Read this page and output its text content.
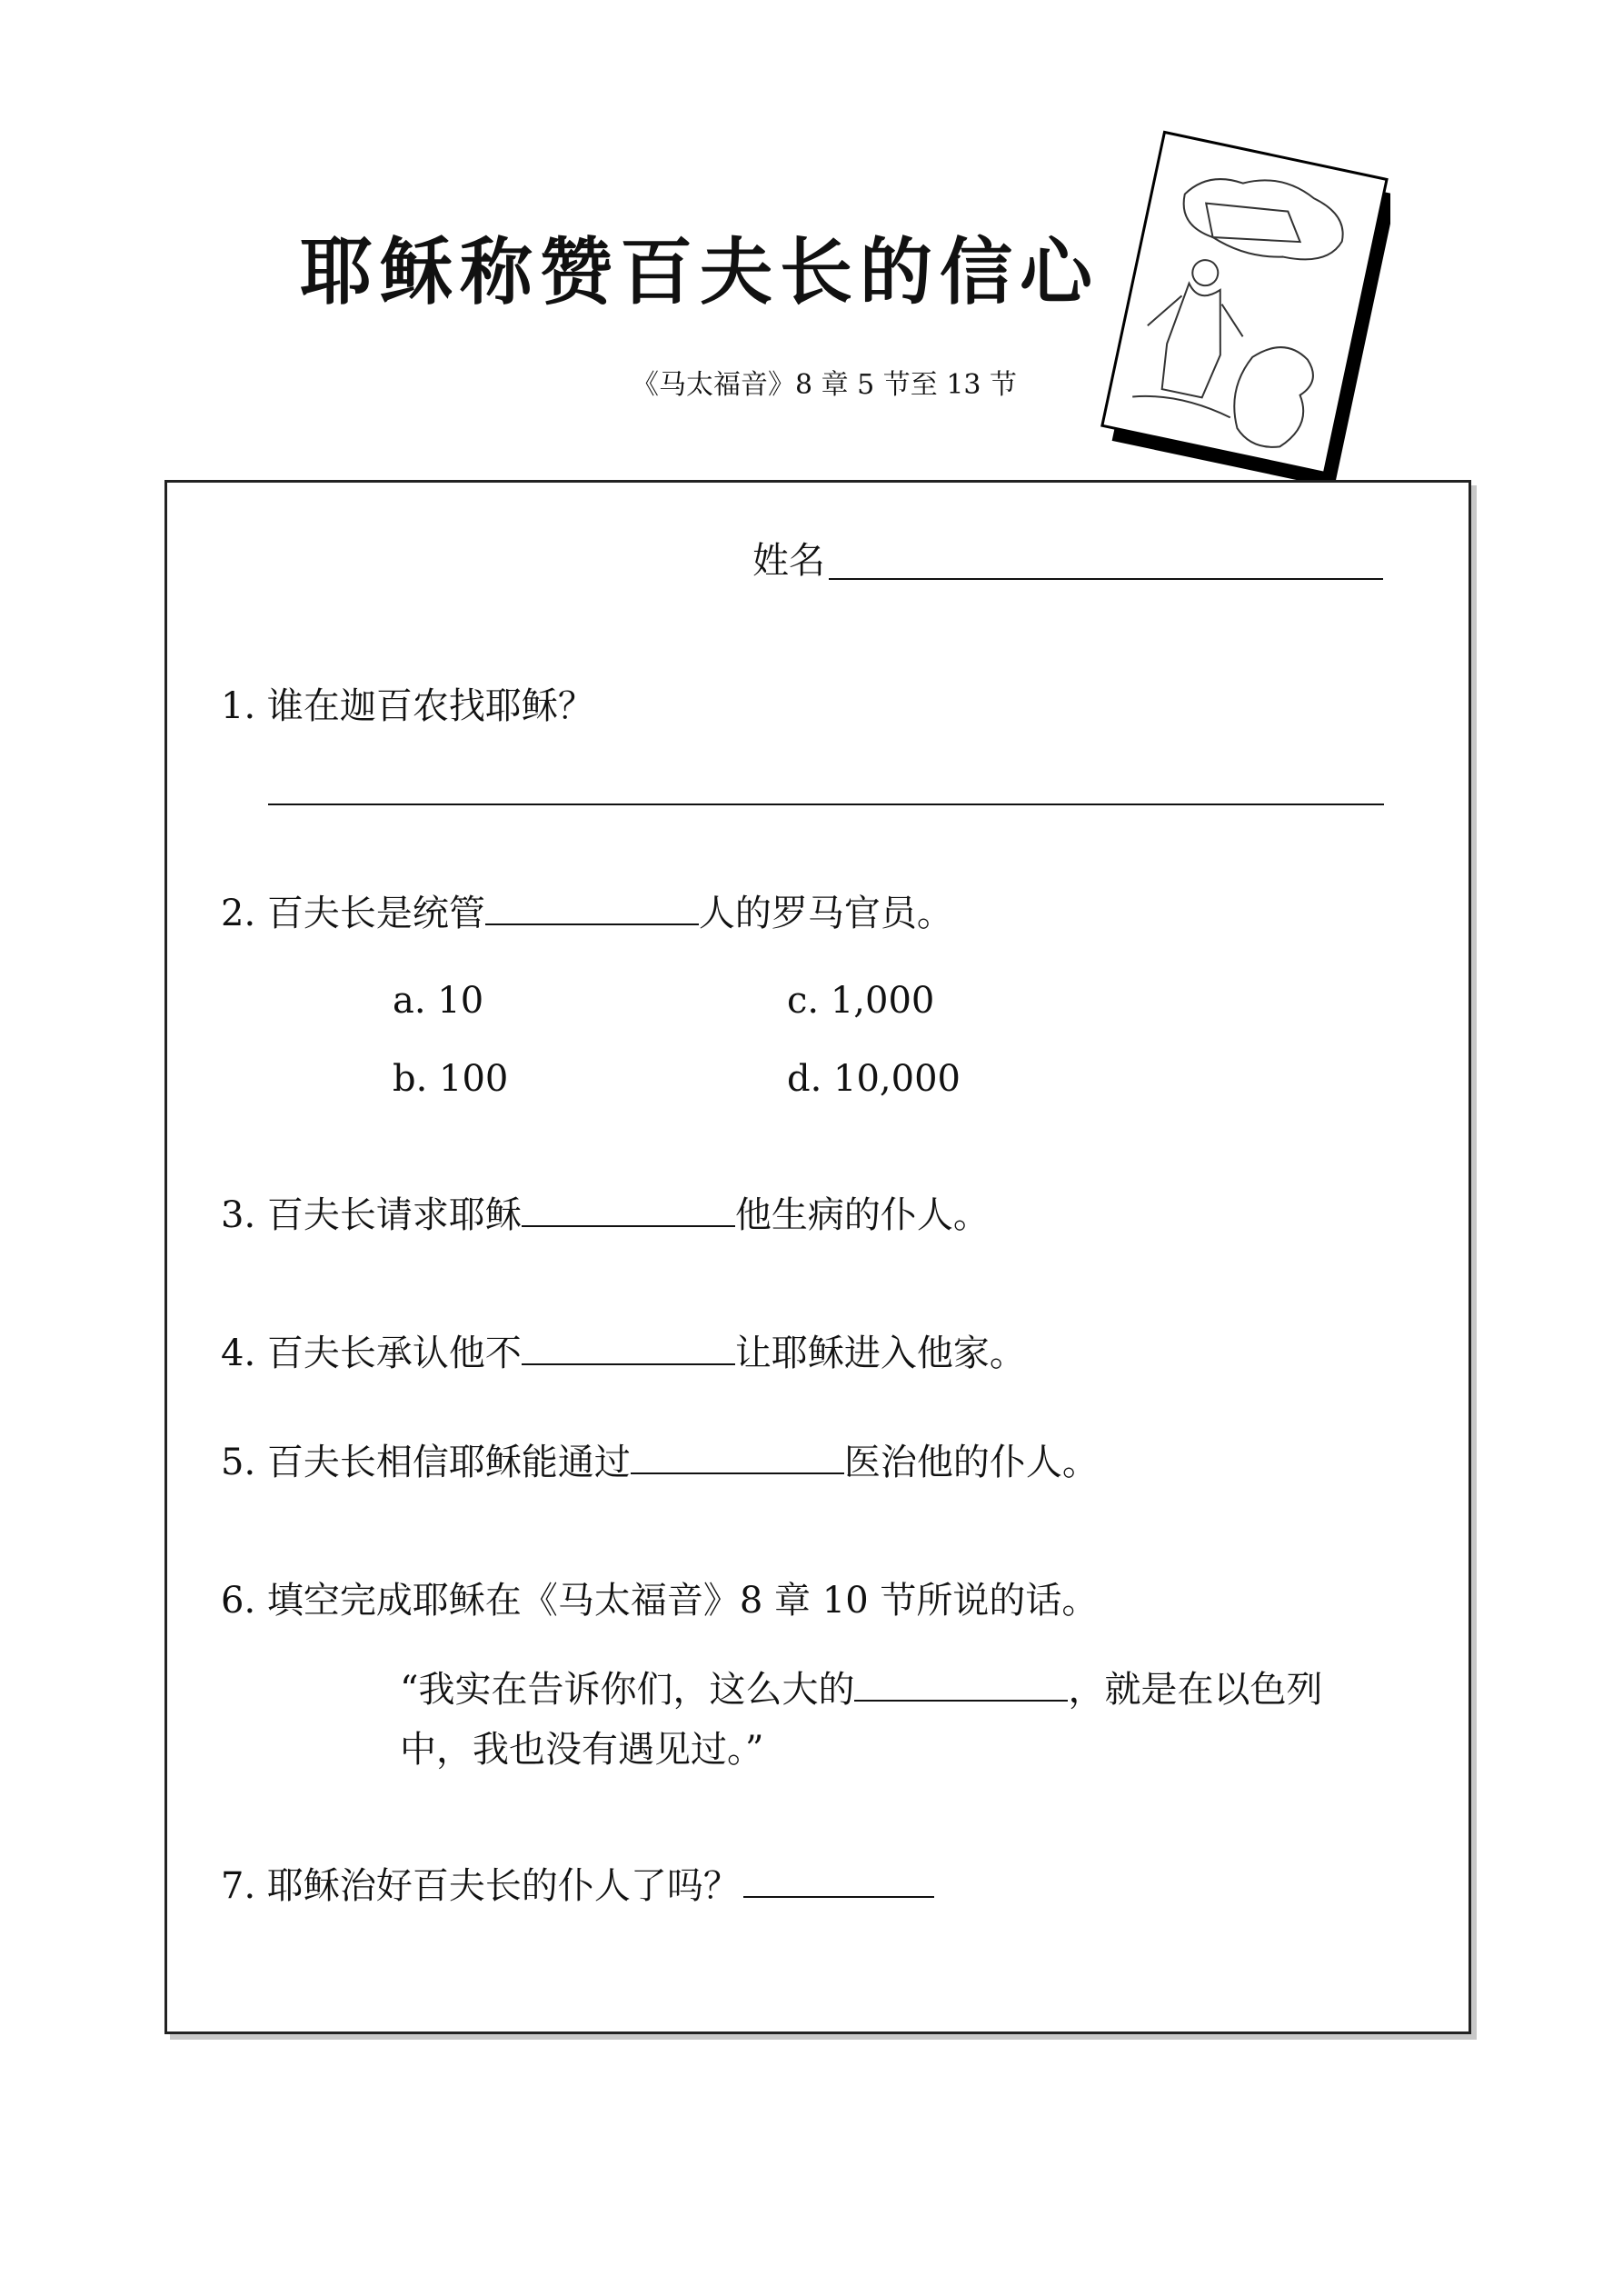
耶稣称赞百夫长的信心
《马太福音》8 章 5 节至 13 节
姓名
1. 谁在迦百农找耶稣？
2. 百夫长是统管	人的罗马官员。
a. 10	c. 1,000
b. 100	d. 10,000
3. 百夫长请求耶稣	他生病的仆人。
4. 百夫长承认他不	让耶稣进入他家。
5. 百夫长相信耶稣能通过	医治他的仆人。
6. 填空完成耶稣在《马太福音》8 章 10 节所说的话。
“我实在告诉你们，这么大的	，就是在以色列
中，我也没有遇见过。”
7. 耶稣治好百夫长的仆人了吗？
